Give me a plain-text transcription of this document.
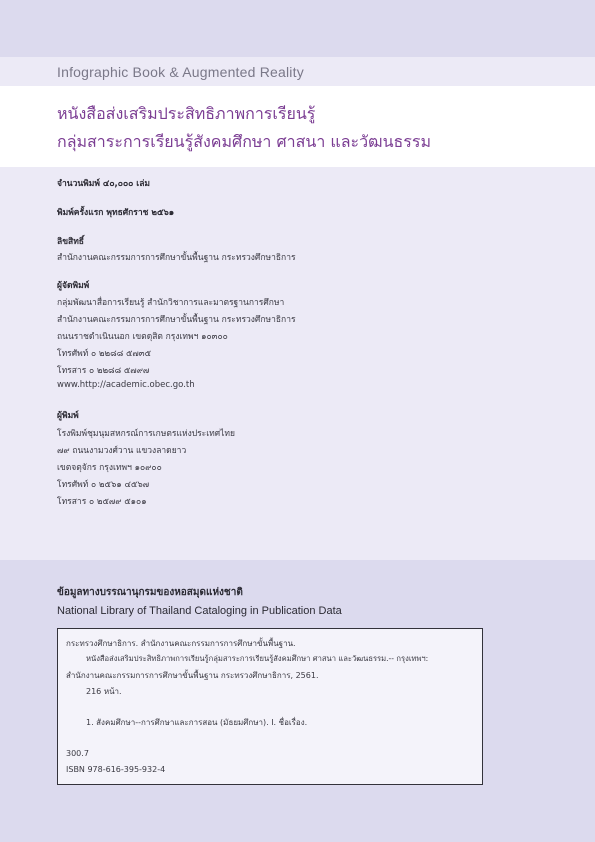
Infographic Book & Augmented Reality
หนังสือส่งเสริมประสิทธิภาพการเรียนรู้
กลุ่มสาระการเรียนรู้สังคมศึกษา ศาสนา และวัฒนธรรม
จำนวนพิมพ์ ๔๐,๐๐๐ เล่ม
พิมพ์ครั้งแรก พุทธศักราช ๒๕๖๑
ลิขสิทธิ์
สำนักงานคณะกรรมการการศึกษาขั้นพื้นฐาน กระทรวงศึกษาธิการ
ผู้จัดพิมพ์
กลุ่มพัฒนาสื่อการเรียนรู้ สำนักวิชาการและมาตรฐานการศึกษา
สำนักงานคณะกรรมการการศึกษาขั้นพื้นฐาน กระทรวงศึกษาธิการ
ถนนราชดำเนินนอก เขตดุสิต กรุงเทพฯ ๑๐๓๐๐
โทรศัพท์ ๐ ๒๒๘๘ ๕๗๓๕
โทรสาร ๐ ๒๒๘๘ ๕๗๙๗
www.http://academic.obec.go.th
ผู้พิมพ์
โรงพิมพ์ชุมนุมสหกรณ์การเกษตรแห่งประเทศไทย
๗๙ ถนนงามวงศ์วาน แขวงลาดยาว
เขตจตุจักร กรุงเทพฯ ๑๐๙๐๐
โทรศัพท์ ๐ ๒๕๖๑ ๔๕๖๗
โทรสาร ๐ ๒๕๗๙ ๕๑๐๑
ข้อมูลทางบรรณานุกรมของหอสมุดแห่งชาติ
National Library of Thailand Cataloging in Publication Data
กระทรวงศึกษาธิการ. สำนักงานคณะกรรมการการศึกษาขั้นพื้นฐาน.
หนังสือส่งเสริมประสิทธิภาพการเรียนรู้กลุ่มสาระการเรียนรู้สังคมศึกษา ศาสนา และวัฒนธรรม.-- กรุงเทพฯ:
สำนักงานคณะกรรมการการศึกษาขั้นพื้นฐาน กระทรวงศึกษาธิการ, 2561.
216 หน้า.
1. สังคมศึกษา--การศึกษาและการสอน (มัธยมศึกษา). I. ชื่อเรื่อง.
300.7
ISBN 978-616-395-932-4
